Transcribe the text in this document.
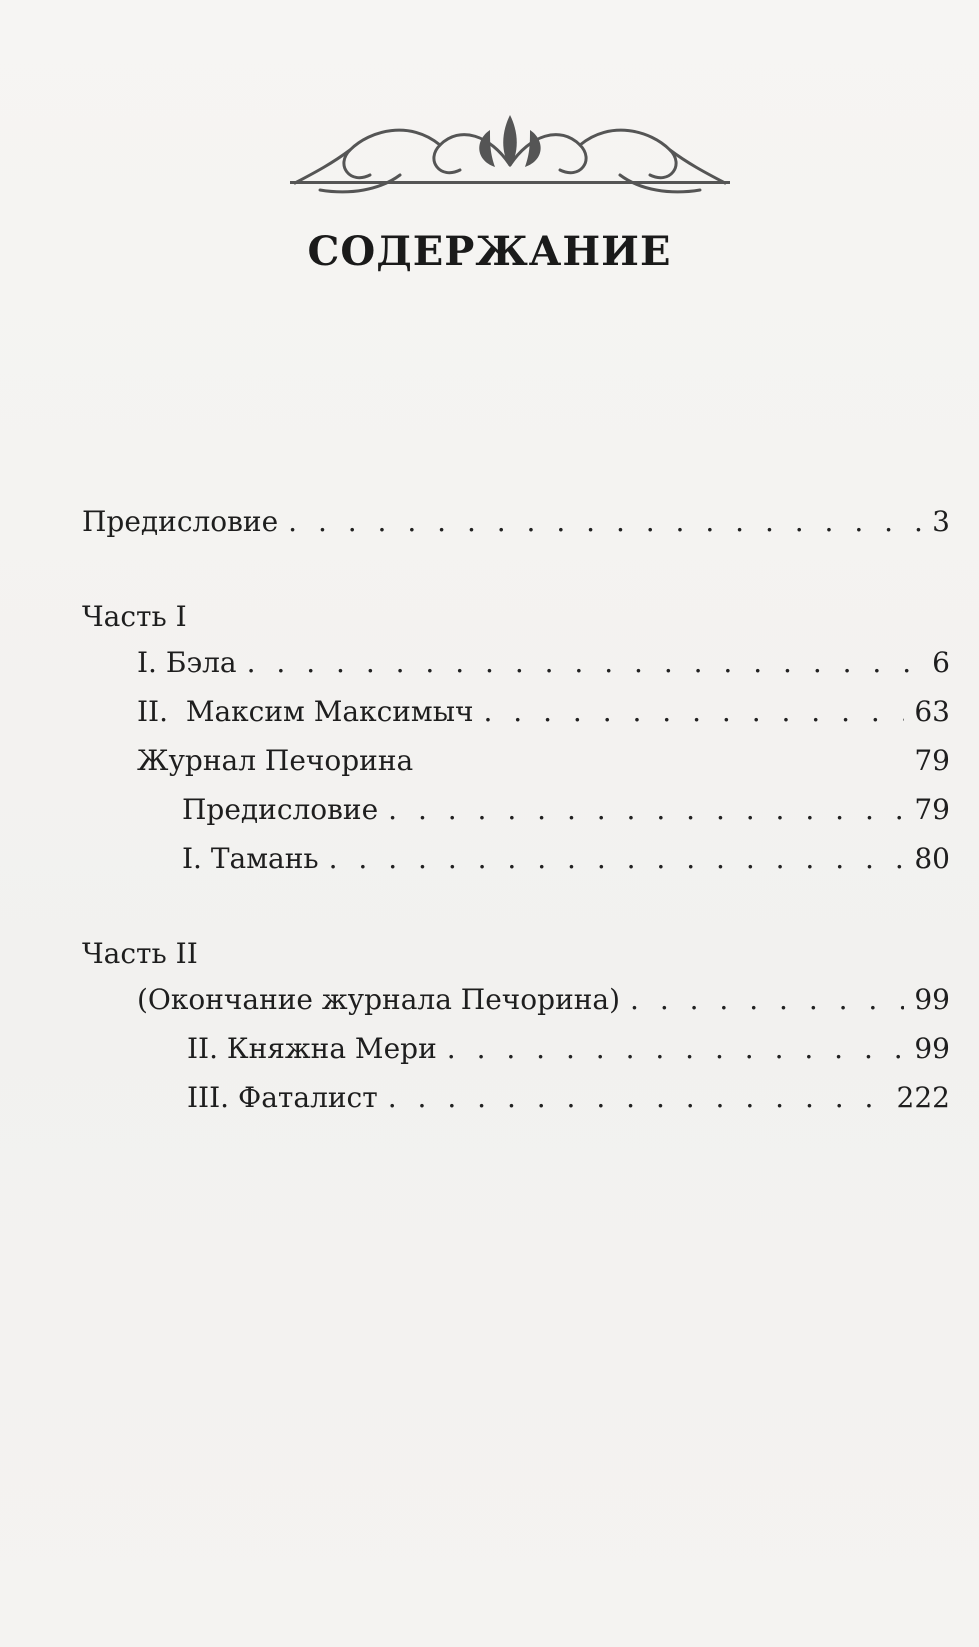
СОДЕРЖАНИЕ
Предисловие . . .	3
Часть I
I. Бэла . . .	6
II.  Максим Максимыч . . .	63
Журнал Печорина	79
Предисловие . . .	79
I. Тамань . . .	80
Часть II
(Окончание журнала Печорина) . . .	99
II. Княжна Мери . . .	99
III. Фаталист . . .	222
